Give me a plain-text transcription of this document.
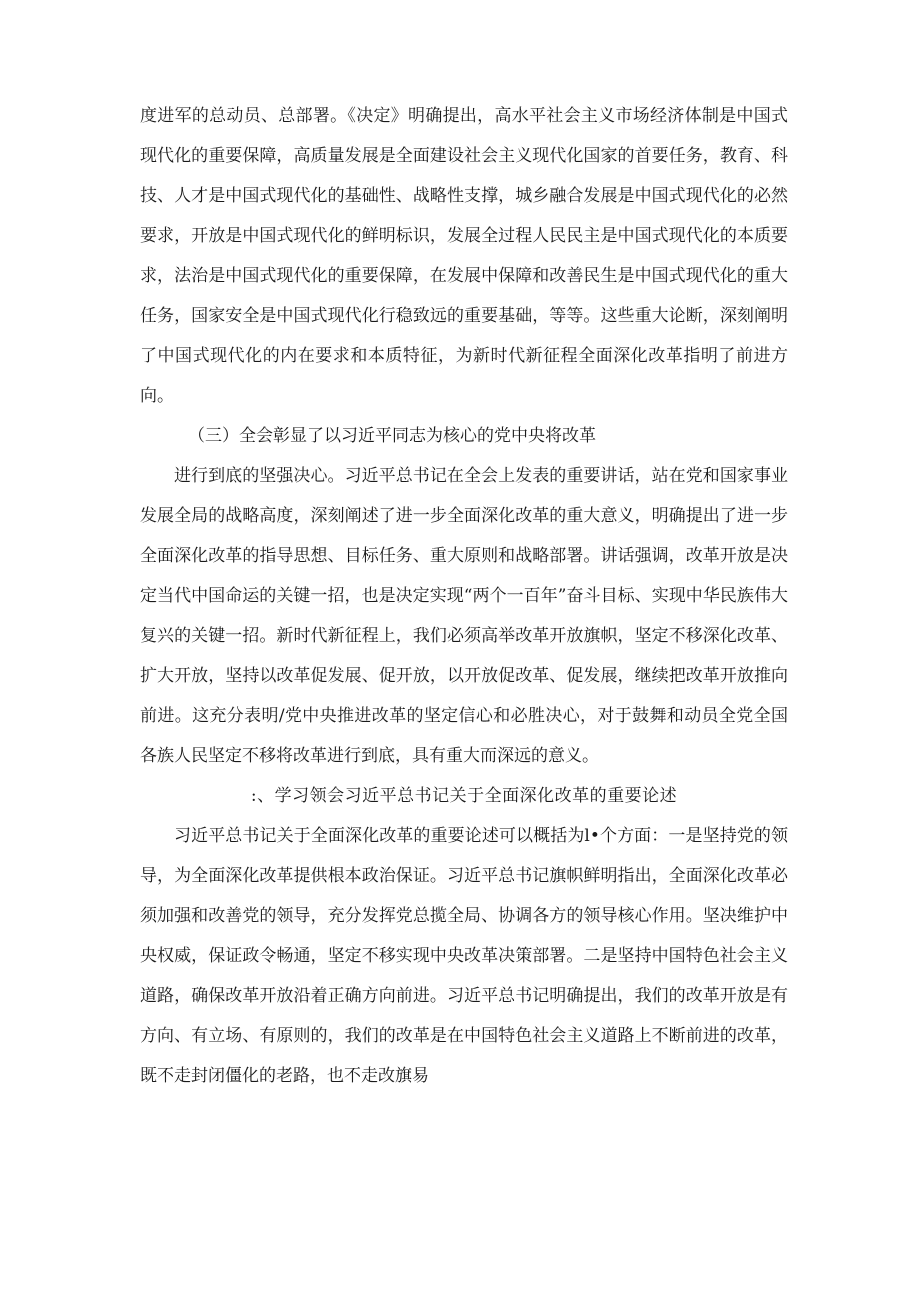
度进军的总动员、总部署。《决定》明确提出，高水平社会主义市场经济体制是中国式现代化的重要保障，高质量发展是全面建设社会主义现代化国家的首要任务，教育、科技、人才是中国式现代化的基础性、战略性支撑，城乡融合发展是中国式现代化的必然要求，开放是中国式现代化的鲜明标识，发展全过程人民民主是中国式现代化的本质要求，法治是中国式现代化的重要保障，在发展中保障和改善民生是中国式现代化的重大任务，国家安全是中国式现代化行稳致远的重要基础，等等。这些重大论断，深刻阐明了中国式现代化的内在要求和本质特征，为新时代新征程全面深化改革指明了前进方向。

（三）全会彰显了以习近平同志为核心的党中央将改革

进行到底的坚强决心。习近平总书记在全会上发表的重要讲话，站在党和国家事业发展全局的战略高度，深刻阐述了进一步全面深化改革的重大意义，明确提出了进一步全面深化改革的指导思想、目标任务、重大原则和战略部署。讲话强调，改革开放是决定当代中国命运的关键一招，也是决定实现“两个一百年”奋斗目标、实现中华民族伟大复兴的关键一招。新时代新征程上，我们必须高举改革开放旗帜，坚定不移深化改革、扩大开放，坚持以改革促发展、促开放，以开放促改革、促发展，继续把改革开放推向前进。这充分表明/党中央推进改革的坚定信心和必胜决心，对于鼓舞和动员全党全国各族人民坚定不移将改革进行到底，具有重大而深远的意义。

:、学习领会习近平总书记关于全面深化改革的重要论述

习近平总书记关于全面深化改革的重要论述可以概括为l•个方面：一是坚持党的领导，为全面深化改革提供根本政治保证。习近平总书记旗帜鲜明指出，全面深化改革必须加强和改善党的领导，充分发挥党总揽全局、协调各方的领导核心作用。坚决维护中央权威，保证政令畅通，坚定不移实现中央改革决策部署。二是坚持中国特色社会主义道路，确保改革开放沿着正确方向前进。习近平总书记明确提出，我们的改革开放是有方向、有立场、有原则的，我们的改革是在中国特色社会主义道路上不断前进的改革，既不走封闭僵化的老路，也不走改旗易
